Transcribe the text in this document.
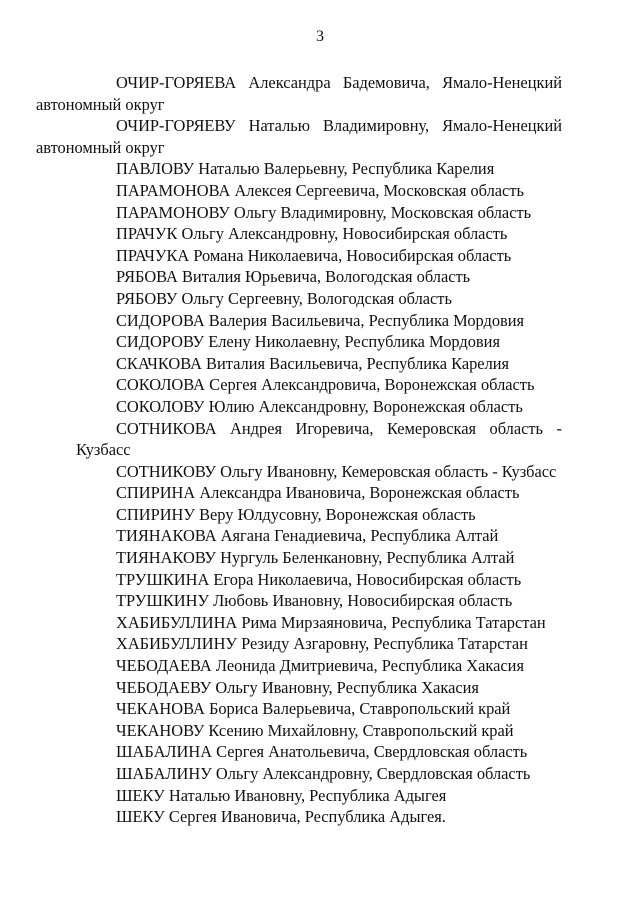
3

ОЧИР-ГОРЯЕВА Александра Бадемовича, Ямало-Ненецкий
автономный округ

ОЧИР-ГОРЯЕВУ Наталью Владимировну, Ямало-Ненецкий
автономный округ

ПАВЛОВУ Наталью Валерьевну, Республика Карелия

ПАРАМОНОВА Алексея Сергеевича, Московская область

ПАРАМОНОВУ Ольгу Владимировну, Московская область

ПРАЧУК Ольгу Александровну, Новосибирская область

ПРАЧУКА Романа Николаевича, Новосибирская область

РЯБОВА Виталия Юрьевича, Вологодская область

РЯБОВУ Ольгу Сергеевну, Вологодская область

СИДОРОВА Валерия Васильевича, Республика Мордовия

СИДОРОВУ Елену Николаевну, Республика Мордовия

СКАЧКОВА Виталия Васильевича, Республика Карелия

СОКОЛОВА Сергея Александровича, Воронежская область

СОКОЛОВУ Юлию Александровну, Воронежская область

СОТНИКОВА Андрея Игоревича, Кемеровская область - Кузбасс

СОТНИКОВУ Ольгу Ивановну, Кемеровская область - Кузбасс

СПИРИНА Александра Ивановича, Воронежская область

СПИРИНУ Веру Юлдусовну, Воронежская область

ТИЯНАКОВА Аягана Генадиевича, Республика Алтай

ТИЯНАКОВУ Нургуль Беленкановну, Республика Алтай

ТРУШКИНА Егора Николаевича, Новосибирская область

ТРУШКИНУ Любовь Ивановну, Новосибирская область

ХАБИБУЛЛИНА Рима Мирзаяновича, Республика Татарстан

ХАБИБУЛЛИНУ Резиду Азгаровну, Республика Татарстан

ЧЕБОДАЕВА Леонида Дмитриевича, Республика Хакасия

ЧЕБОДАЕВУ Ольгу Ивановну, Республика Хакасия

ЧЕКАНОВА Бориса Валерьевича, Ставропольский край

ЧЕКАНОВУ Ксению Михайловну, Ставропольский край

ШАБАЛИНА Сергея Анатольевича, Свердловская область

ШАБАЛИНУ Ольгу Александровну, Свердловская область

ШЕКУ Наталью Ивановну, Республика Адыгея

ШЕКУ Сергея Ивановича, Республика Адыгея.
